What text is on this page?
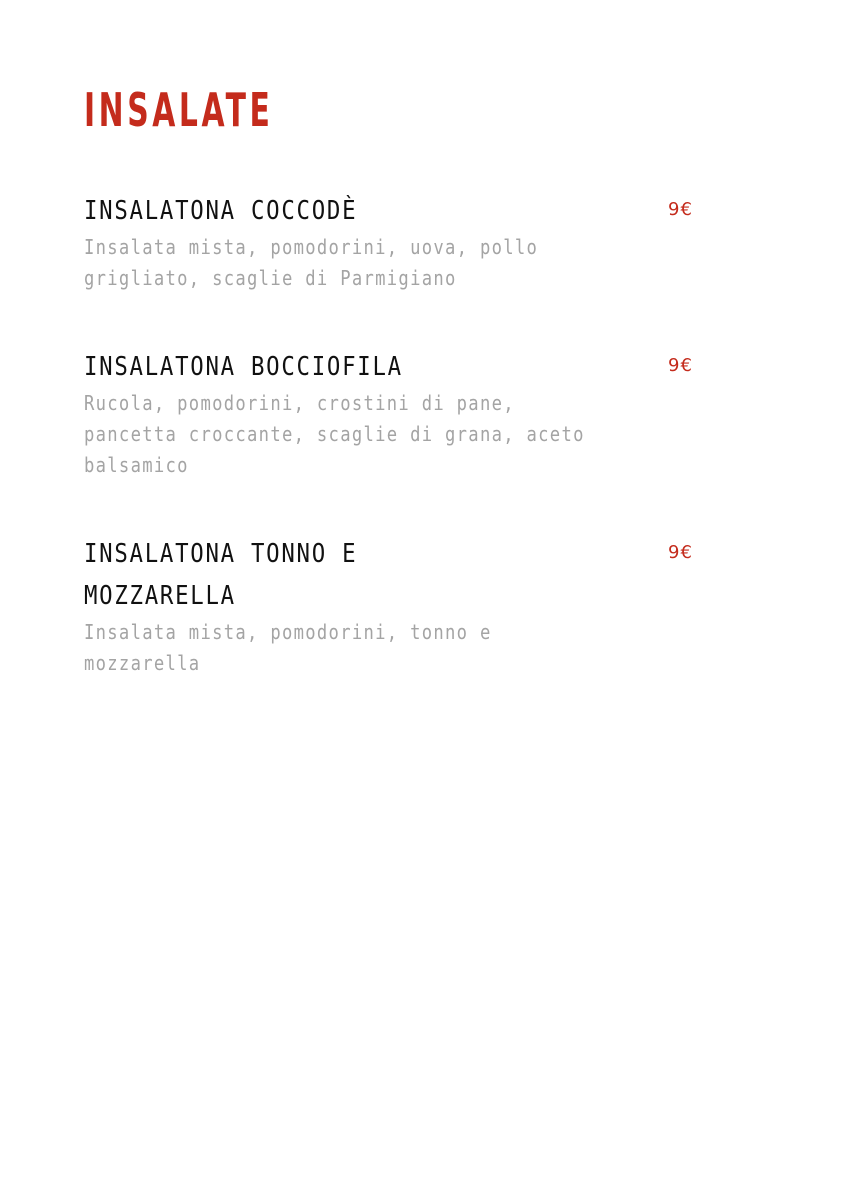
INSALATE
INSALATONA COCCODÈ	9€
Insalata mista, pomodorini, uova, pollo grigliato, scaglie di Parmigiano
INSALATONA BOCCIOFILA	9€
Rucola, pomodorini, crostini di pane, pancetta croccante, scaglie di grana, aceto balsamico
INSALATONA TONNO E MOZZARELLA
9€
Insalata mista, pomodorini, tonno e mozzarella
